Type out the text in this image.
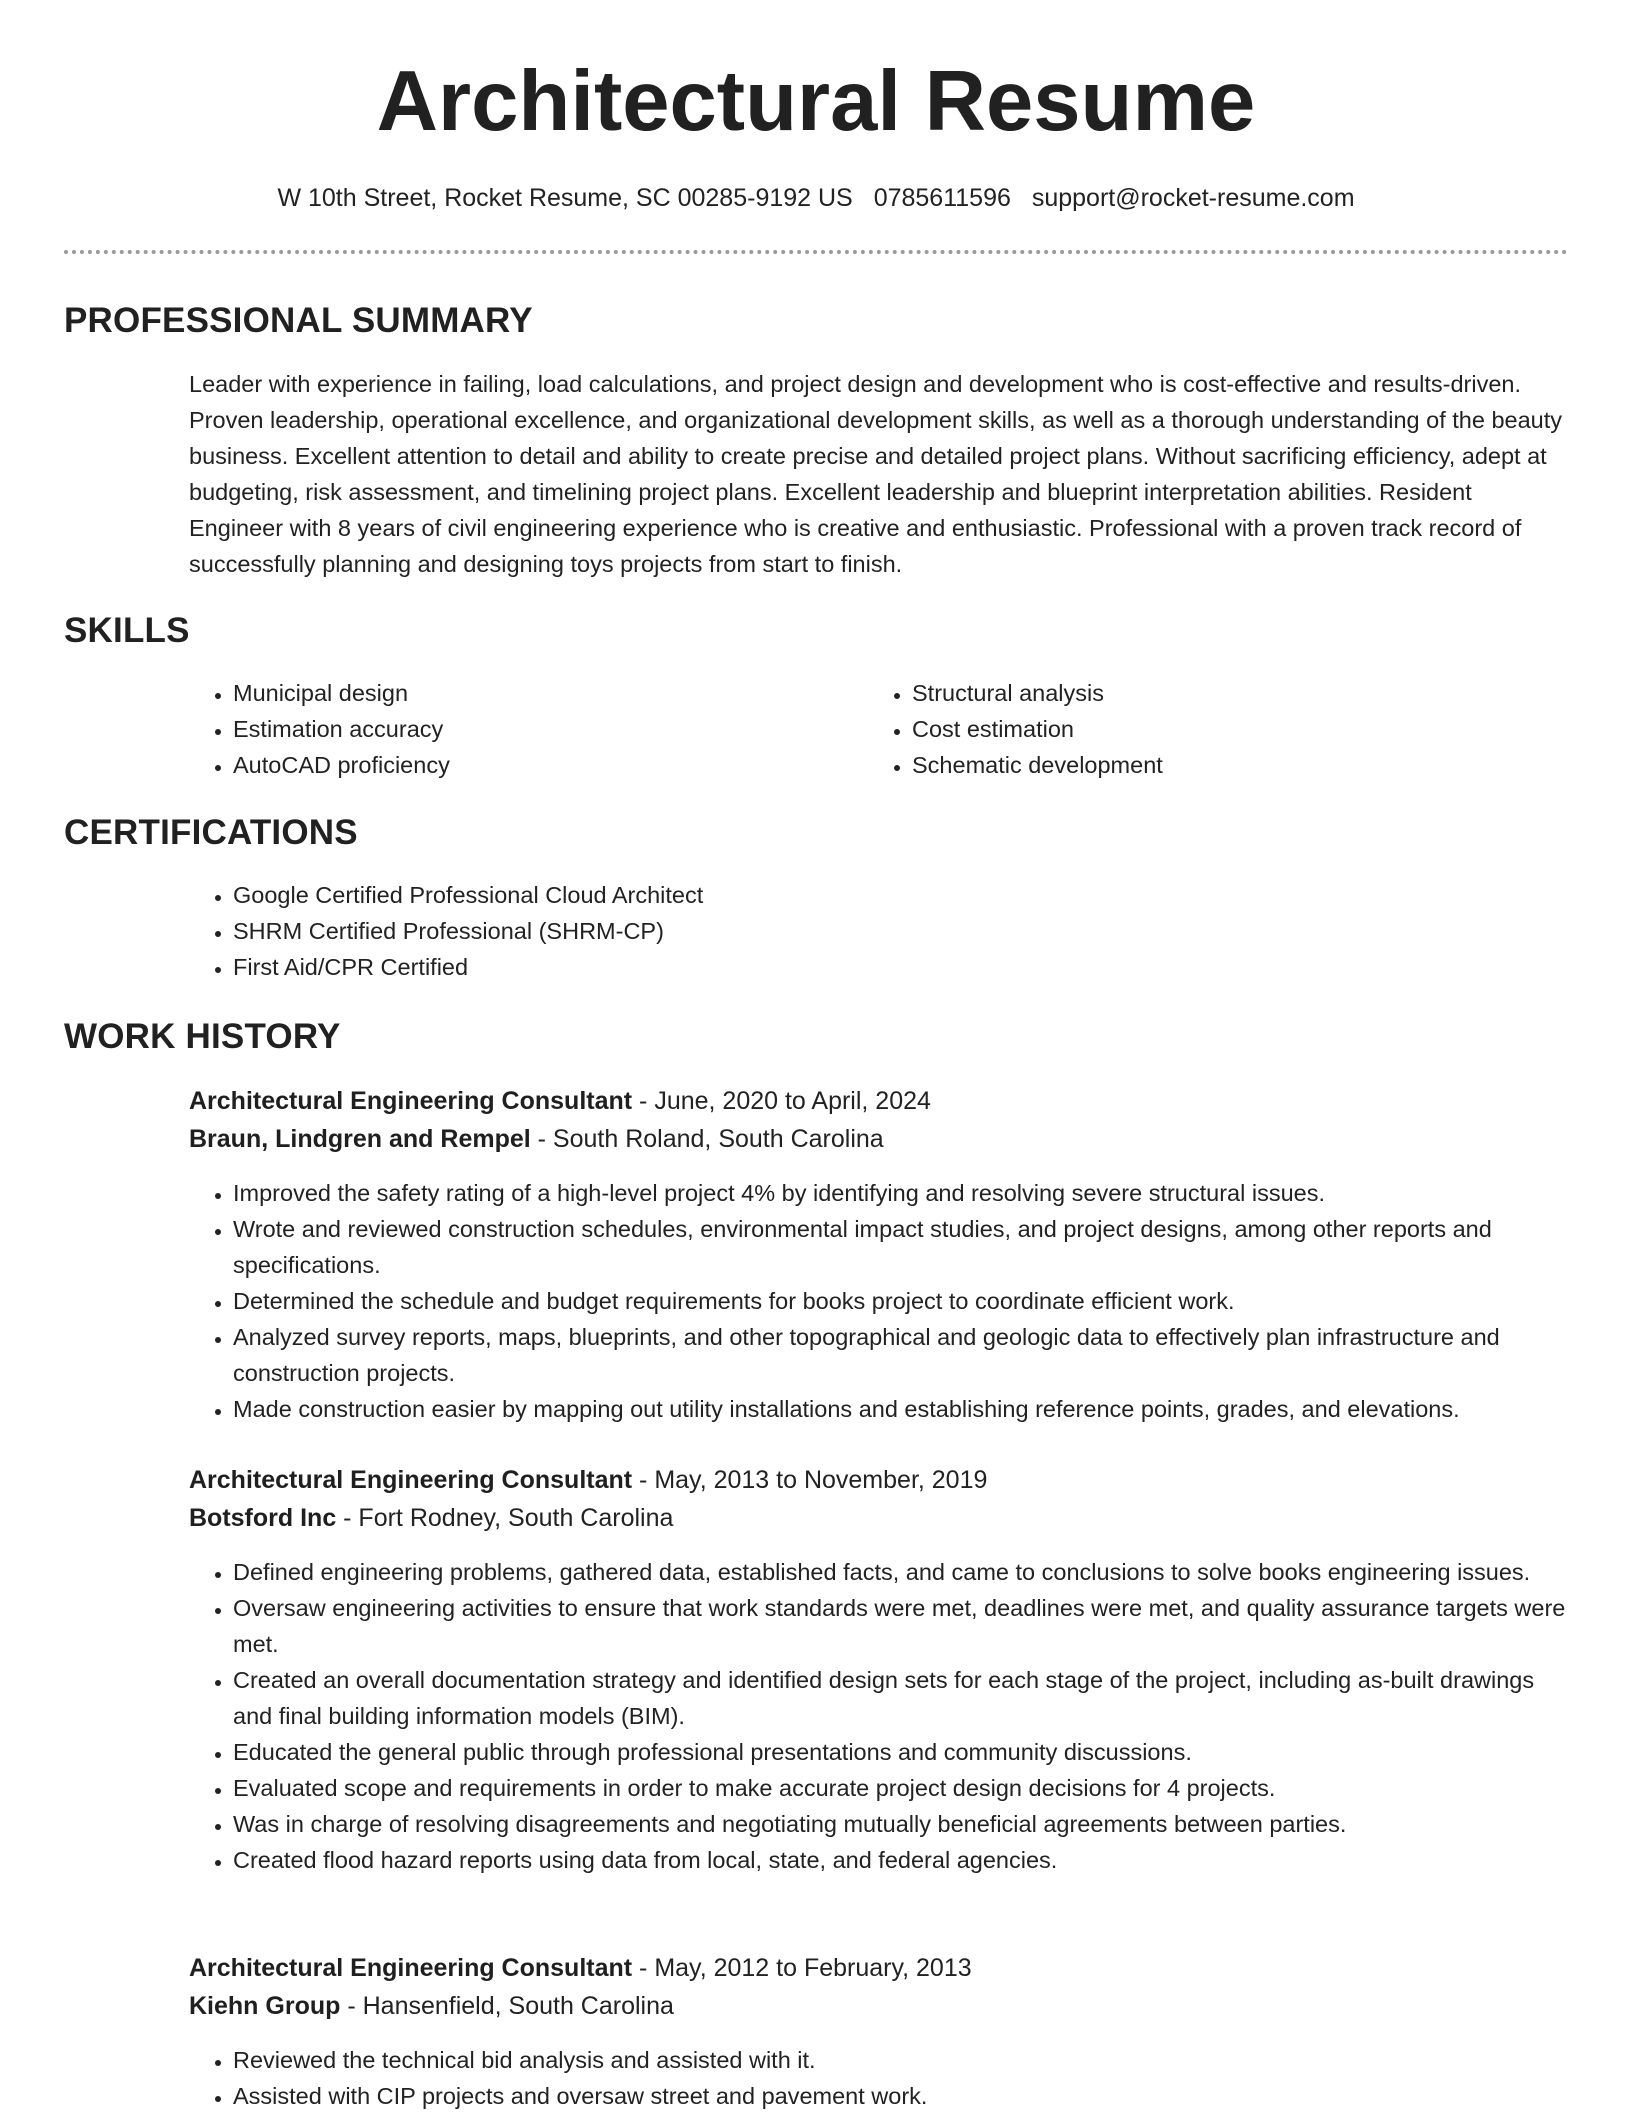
Architectural Resume
W 10th Street, Rocket Resume, SC 00285-9192 US 0785611596 support@rocket-resume.com
PROFESSIONAL SUMMARY

Leader with experience in failing, load calculations, and project design and development who is cost-effective and results-driven. Proven leadership, operational excellence, and organizational development skills, as well as a thorough understanding of the beauty business. Excellent attention to detail and ability to create precise and detailed project plans. Without sacrificing efficiency, adept at budgeting, risk assessment, and timelining project plans. Excellent leadership and blueprint interpretation abilities. Resident Engineer with 8 years of civil engineering experience who is creative and enthusiastic. Professional with a proven track record of successfully planning and designing toys projects from start to finish.

SKILLS
• Municipal design
• Estimation accuracy
• AutoCAD proficiency
• Structural analysis
• Cost estimation
• Schematic development
CERTIFICATIONS
• Google Certified Professional Cloud Architect
• SHRM Certified Professional (SHRM-CP)
• First Aid/CPR Certified
WORK HISTORY
Architectural Engineering Consultant - June, 2020 to April, 2024
Braun, Lindgren and Rempel - South Roland, South Carolina
• Improved the safety rating of a high-level project 4% by identifying and resolving severe structural issues.
• Wrote and reviewed construction schedules, environmental impact studies, and project designs, among other reports and specifications.
• Determined the schedule and budget requirements for books project to coordinate efficient work.
• Analyzed survey reports, maps, blueprints, and other topographical and geologic data to effectively plan infrastructure and construction projects.
• Made construction easier by mapping out utility installations and establishing reference points, grades, and elevations.
Architectural Engineering Consultant - May, 2013 to November, 2019
Botsford Inc - Fort Rodney, South Carolina
• Defined engineering problems, gathered data, established facts, and came to conclusions to solve books engineering issues.
• Oversaw engineering activities to ensure that work standards were met, deadlines were met, and quality assurance targets were met.
• Created an overall documentation strategy and identified design sets for each stage of the project, including as-built drawings and final building information models (BIM).
• Educated the general public through professional presentations and community discussions.
• Evaluated scope and requirements in order to make accurate project design decisions for 4 projects.
• Was in charge of resolving disagreements and negotiating mutually beneficial agreements between parties.
• Created flood hazard reports using data from local, state, and federal agencies.
Architectural Engineering Consultant - May, 2012 to February, 2013
Kiehn Group - Hansenfield, South Carolina
• Reviewed the technical bid analysis and assisted with it.
• Assisted with CIP projects and oversaw street and pavement work.
